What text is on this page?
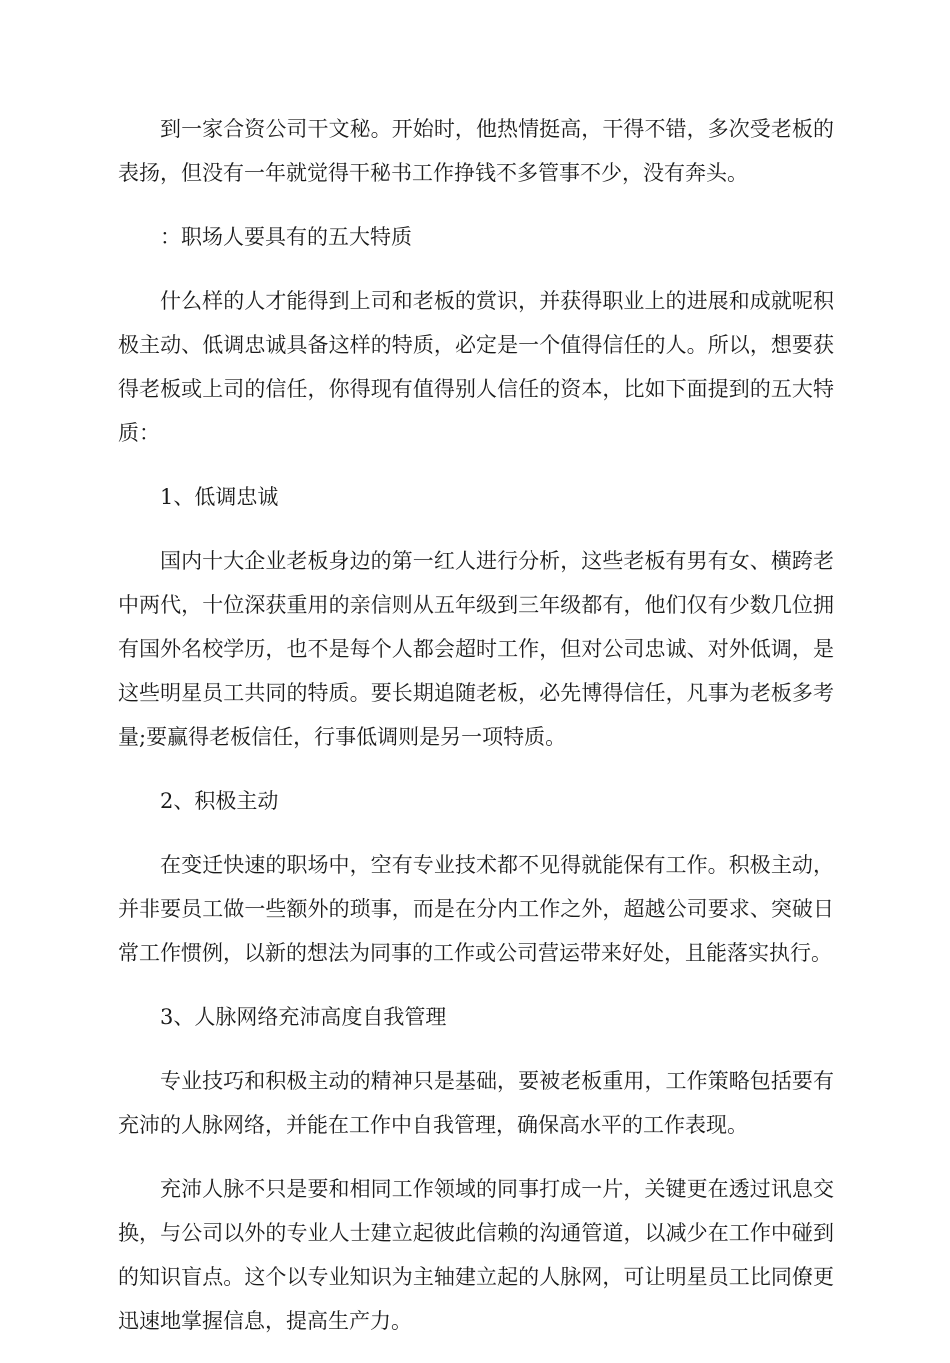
到一家合资公司干文秘。开始时，他热情挺高，干得不错，多次受老板的表扬，但没有一年就觉得干秘书工作挣钱不多管事不少，没有奔头。

：职场人要具有的五大特质

什么样的人才能得到上司和老板的赏识，并获得职业上的进展和成就呢积极主动、低调忠诚具备这样的特质，必定是一个值得信任的人。所以，想要获得老板或上司的信任，你得现有值得别人信任的资本，比如下面提到的五大特质：

1、低调忠诚

国内十大企业老板身边的第一红人进行分析，这些老板有男有女、横跨老中两代，十位深获重用的亲信则从五年级到三年级都有，他们仅有少数几位拥有国外名校学历，也不是每个人都会超时工作，但对公司忠诚、对外低调，是这些明星员工共同的特质。要长期追随老板，必先博得信任，凡事为老板多考量;要赢得老板信任，行事低调则是另一项特质。

2、积极主动

在变迁快速的职场中，空有专业技术都不见得就能保有工作。积极主动，并非要员工做一些额外的琐事，而是在分内工作之外，超越公司要求、突破日常工作惯例，以新的想法为同事的工作或公司营运带来好处，且能落实执行。

3、人脉网络充沛高度自我管理

专业技巧和积极主动的精神只是基础，要被老板重用，工作策略包括要有充沛的人脉网络，并能在工作中自我管理，确保高水平的工作表现。

充沛人脉不只是要和相同工作领域的同事打成一片，关键更在透过讯息交换，与公司以外的专业人士建立起彼此信赖的沟通管道，以减少在工作中碰到的知识盲点。这个以专业知识为主轴建立起的人脉网，可让明星员工比同僚更迅速地掌握信息，提高生产力。
